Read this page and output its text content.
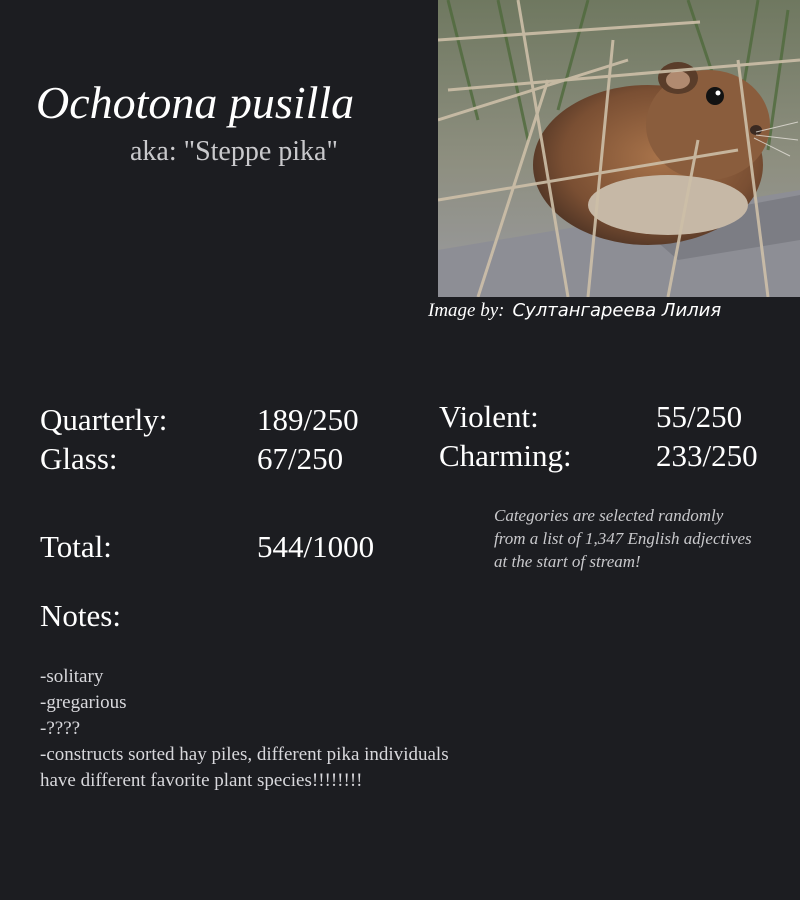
Ochotona pusilla
aka: "Steppe pika"
Image by: Султангареева Лилия
Quarterly:	189/250
Glass:	67/250
Violent:	55/250
Charming:	233/250
Total:	544/1000
Categories are selected randomly from a list of 1,347 English adjectives at the start of stream!
Notes:
-solitary
-gregarious
-????
-constructs sorted hay piles, different pika individuals
have different favorite plant species!!!!!!!!
